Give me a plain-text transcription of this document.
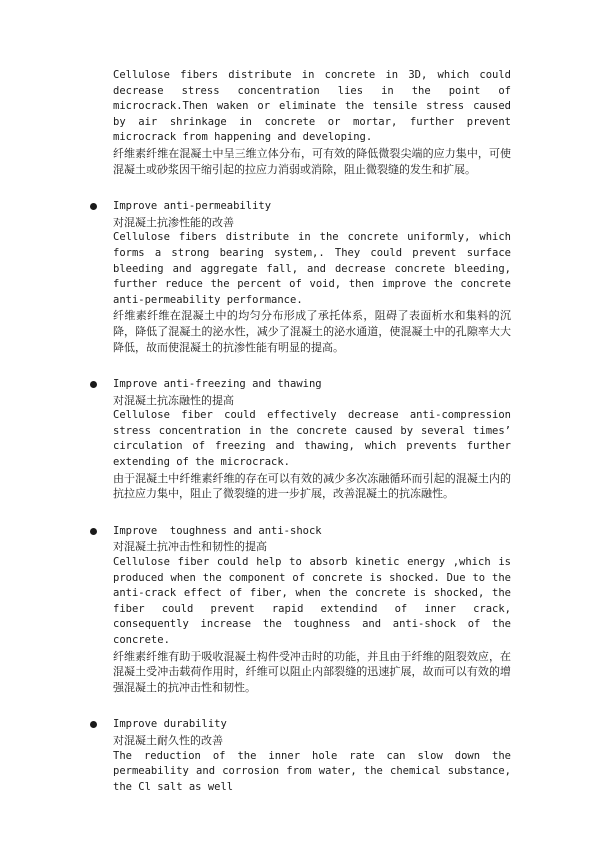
Cellulose fibers distribute in concrete in 3D, which could decrease stress concentration lies in the point of microcrack.Then waken or eliminate the tensile stress caused by air shrinkage in concrete or mortar, further prevent microcrack from happening and developing.

纤维素纤维在混凝土中呈三维立体分布，可有效的降低微裂尖端的应力集中，可使混凝土或砂浆因干缩引起的拉应力消弱或消除，阻止微裂缝的发生和扩展。

Improve anti-permeability

对混凝土抗渗性能的改善

Cellulose fibers distribute in the concrete uniformly, which forms a strong bearing system,. They could prevent surface bleeding and aggregate fall, and decrease concrete bleeding, further reduce the percent of void, then improve the concrete anti-permeability performance.

纤维素纤维在混凝土中的均匀分布形成了承托体系，阻碍了表面析水和集料的沉降，降低了混凝土的泌水性，减少了混凝土的泌水通道，使混凝土中的孔隙率大大降低，故而使混凝土的抗渗性能有明显的提高。

Improve anti-freezing and thawing

对混凝土抗冻融性的提高

Cellulose fiber could effectively decrease anti-compression stress concentration in the concrete caused by several times’ circulation of freezing and thawing, which prevents further extending of the microcrack.

由于混凝土中纤维素纤维的存在可以有效的减少多次冻融循环而引起的混凝土内的抗拉应力集中，阻止了微裂缝的进一步扩展，改善混凝土的抗冻融性。

Improve  toughness and anti-shock

对混凝土抗冲击性和韧性的提高

Cellulose fiber could help to absorb kinetic energy ,which is produced when the component of concrete is shocked. Due to the anti-crack effect of fiber, when the concrete is shocked, the fiber could prevent rapid extendind of inner crack, consequently increase the toughness and anti-shock of the concrete.

纤维素纤维有助于吸收混凝土构件受冲击时的功能，并且由于纤维的阻裂效应，在混凝土受冲击载荷作用时，纤维可以阻止内部裂缝的迅速扩展，故而可以有效的增强混凝土的抗冲击性和韧性。

Improve durability

对混凝土耐久性的改善

The reduction of the inner hole rate can slow down the permeability and corrosion from water, the chemical substance, the Cl salt as well
